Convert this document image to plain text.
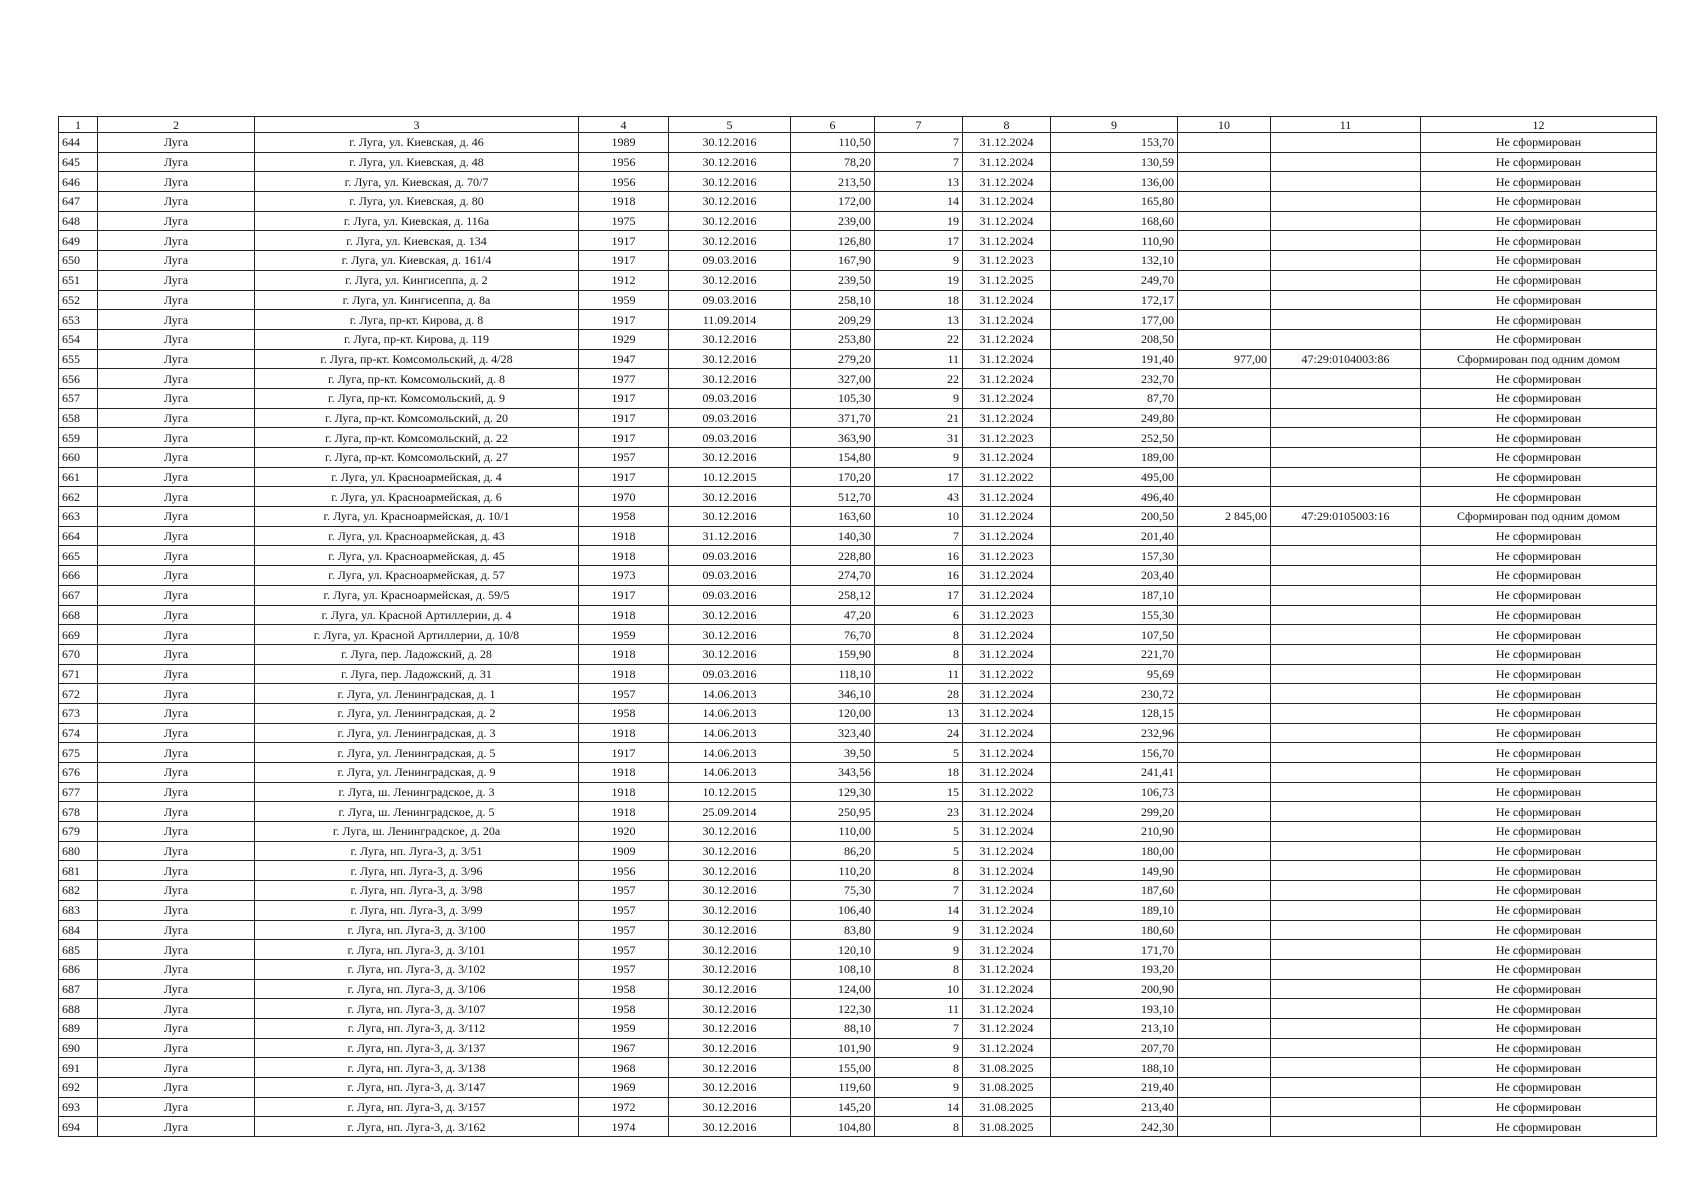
1	2	3	4	5	6	7	8	9	10	11	12
644	Луга	г. Луга, ул. Киевская, д. 46	1989	30.12.2016	110,50	7	31.12.2024	153,70			Не сформирован
645	Луга	г. Луга, ул. Киевская, д. 48	1956	30.12.2016	78,20	7	31.12.2024	130,59			Не сформирован
646	Луга	г. Луга, ул. Киевская, д. 70/7	1956	30.12.2016	213,50	13	31.12.2024	136,00			Не сформирован
647	Луга	г. Луга, ул. Киевская, д. 80	1918	30.12.2016	172,00	14	31.12.2024	165,80			Не сформирован
648	Луга	г. Луга, ул. Киевская, д. 116а	1975	30.12.2016	239,00	19	31.12.2024	168,60			Не сформирован
649	Луга	г. Луга, ул. Киевская, д. 134	1917	30.12.2016	126,80	17	31.12.2024	110,90			Не сформирован
650	Луга	г. Луга, ул. Киевская, д. 161/4	1917	09.03.2016	167,90	9	31.12.2023	132,10			Не сформирован
651	Луга	г. Луга, ул. Кингисеппа, д. 2	1912	30.12.2016	239,50	19	31.12.2025	249,70			Не сформирован
652	Луга	г. Луга, ул. Кингисеппа, д. 8а	1959	09.03.2016	258,10	18	31.12.2024	172,17			Не сформирован
653	Луга	г. Луга, пр-кт. Кирова, д. 8	1917	11.09.2014	209,29	13	31.12.2024	177,00			Не сформирован
654	Луга	г. Луга, пр-кт. Кирова, д. 119	1929	30.12.2016	253,80	22	31.12.2024	208,50			Не сформирован
655	Луга	г. Луга, пр-кт. Комсомольский, д. 4/28	1947	30.12.2016	279,20	11	31.12.2024	191,40	977,00	47:29:0104003:86	Сформирован под одним домом
656	Луга	г. Луга, пр-кт. Комсомольский, д. 8	1977	30.12.2016	327,00	22	31.12.2024	232,70			Не сформирован
657	Луга	г. Луга, пр-кт. Комсомольский, д. 9	1917	09.03.2016	105,30	9	31.12.2024	87,70			Не сформирован
658	Луга	г. Луга, пр-кт. Комсомольский, д. 20	1917	09.03.2016	371,70	21	31.12.2024	249,80			Не сформирован
659	Луга	г. Луга, пр-кт. Комсомольский, д. 22	1917	09.03.2016	363,90	31	31.12.2023	252,50			Не сформирован
660	Луга	г. Луга, пр-кт. Комсомольский, д. 27	1957	30.12.2016	154,80	9	31.12.2024	189,00			Не сформирован
661	Луга	г. Луга, ул. Красноармейская, д. 4	1917	10.12.2015	170,20	17	31.12.2022	495,00			Не сформирован
662	Луга	г. Луга, ул. Красноармейская, д. 6	1970	30.12.2016	512,70	43	31.12.2024	496,40			Не сформирован
663	Луга	г. Луга, ул. Красноармейская, д. 10/1	1958	30.12.2016	163,60	10	31.12.2024	200,50	2 845,00	47:29:0105003:16	Сформирован под одним домом
664	Луга	г. Луга, ул. Красноармейская, д. 43	1918	31.12.2016	140,30	7	31.12.2024	201,40			Не сформирован
665	Луга	г. Луга, ул. Красноармейская, д. 45	1918	09.03.2016	228,80	16	31.12.2023	157,30			Не сформирован
666	Луга	г. Луга, ул. Красноармейская, д. 57	1973	09.03.2016	274,70	16	31.12.2024	203,40			Не сформирован
667	Луга	г. Луга, ул. Красноармейская, д. 59/5	1917	09.03.2016	258,12	17	31.12.2024	187,10			Не сформирован
668	Луга	г. Луга, ул. Красной Артиллерии, д. 4	1918	30.12.2016	47,20	6	31.12.2023	155,30			Не сформирован
669	Луга	г. Луга, ул. Красной Артиллерии, д. 10/8	1959	30.12.2016	76,70	8	31.12.2024	107,50			Не сформирован
670	Луга	г. Луга, пер. Ладожский, д. 28	1918	30.12.2016	159,90	8	31.12.2024	221,70			Не сформирован
671	Луга	г. Луга, пер. Ладожский, д. 31	1918	09.03.2016	118,10	11	31.12.2022	95,69			Не сформирован
672	Луга	г. Луга, ул. Ленинградская, д. 1	1957	14.06.2013	346,10	28	31.12.2024	230,72			Не сформирован
673	Луга	г. Луга, ул. Ленинградская, д. 2	1958	14.06.2013	120,00	13	31.12.2024	128,15			Не сформирован
674	Луга	г. Луга, ул. Ленинградская, д. 3	1918	14.06.2013	323,40	24	31.12.2024	232,96			Не сформирован
675	Луга	г. Луга, ул. Ленинградская, д. 5	1917	14.06.2013	39,50	5	31.12.2024	156,70			Не сформирован
676	Луга	г. Луга, ул. Ленинградская, д. 9	1918	14.06.2013	343,56	18	31.12.2024	241,41			Не сформирован
677	Луга	г. Луга, ш. Ленинградское, д. 3	1918	10.12.2015	129,30	15	31.12.2022	106,73			Не сформирован
678	Луга	г. Луга, ш. Ленинградское, д. 5	1918	25.09.2014	250,95	23	31.12.2024	299,20			Не сформирован
679	Луга	г. Луга, ш. Ленинградское, д. 20а	1920	30.12.2016	110,00	5	31.12.2024	210,90			Не сформирован
680	Луга	г. Луга, нп. Луга-3, д. 3/51	1909	30.12.2016	86,20	5	31.12.2024	180,00			Не сформирован
681	Луга	г. Луга, нп. Луга-3, д. 3/96	1956	30.12.2016	110,20	8	31.12.2024	149,90			Не сформирован
682	Луга	г. Луга, нп. Луга-3, д. 3/98	1957	30.12.2016	75,30	7	31.12.2024	187,60			Не сформирован
683	Луга	г. Луга, нп. Луга-3, д. 3/99	1957	30.12.2016	106,40	14	31.12.2024	189,10			Не сформирован
684	Луга	г. Луга, нп. Луга-3, д. 3/100	1957	30.12.2016	83,80	9	31.12.2024	180,60			Не сформирован
685	Луга	г. Луга, нп. Луга-3, д. 3/101	1957	30.12.2016	120,10	9	31.12.2024	171,70			Не сформирован
686	Луга	г. Луга, нп. Луга-3, д. 3/102	1957	30.12.2016	108,10	8	31.12.2024	193,20			Не сформирован
687	Луга	г. Луга, нп. Луга-3, д. 3/106	1958	30.12.2016	124,00	10	31.12.2024	200,90			Не сформирован
688	Луга	г. Луга, нп. Луга-3, д. 3/107	1958	30.12.2016	122,30	11	31.12.2024	193,10			Не сформирован
689	Луга	г. Луга, нп. Луга-3, д. 3/112	1959	30.12.2016	88,10	7	31.12.2024	213,10			Не сформирован
690	Луга	г. Луга, нп. Луга-3, д. 3/137	1967	30.12.2016	101,90	9	31.12.2024	207,70			Не сформирован
691	Луга	г. Луга, нп. Луга-3, д. 3/138	1968	30.12.2016	155,00	8	31.08.2025	188,10			Не сформирован
692	Луга	г. Луга, нп. Луга-3, д. 3/147	1969	30.12.2016	119,60	9	31.08.2025	219,40			Не сформирован
693	Луга	г. Луга, нп. Луга-3, д. 3/157	1972	30.12.2016	145,20	14	31.08.2025	213,40			Не сформирован
694	Луга	г. Луга, нп. Луга-3, д. 3/162	1974	30.12.2016	104,80	8	31.08.2025	242,30			Не сформирован
